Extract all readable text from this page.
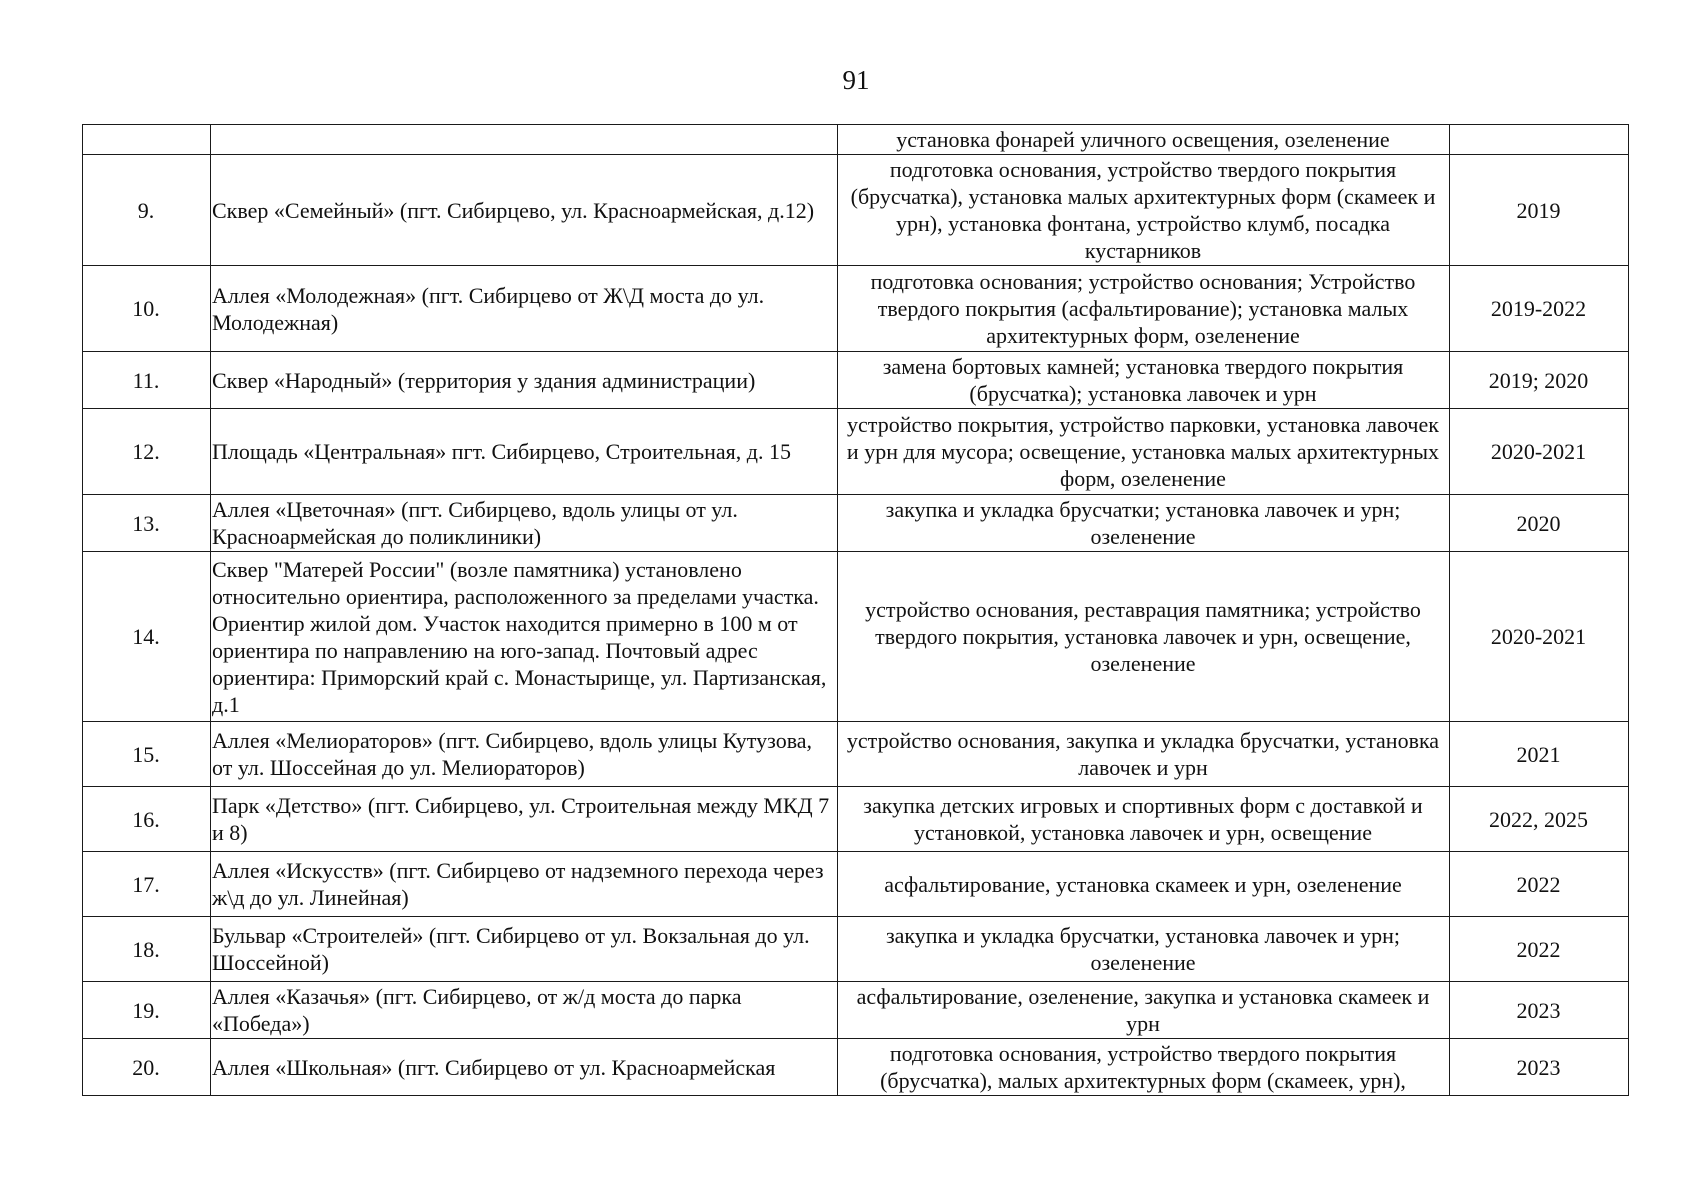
91
		установка фонарей уличного освещения, озеленение	
9.	Сквер «Семейный» (пгт. Сибирцево, ул. Красноармейская, д.12)	подготовка основания, устройство твердого покрытия (брусчатка), установка малых архитектурных форм (скамеек и урн), установка фонтана, устройство клумб, посадка кустарников	2019
10.	Аллея «Молодежная» (пгт. Сибирцево от Ж\Д моста до ул. Молодежная)	подготовка основания; устройство основания; Устройство твердого покрытия (асфальтирование); установка малых архитектурных форм, озеленение	2019-2022
11.	Сквер «Народный» (территория у здания администрации)	замена бортовых камней; установка твердого покрытия (брусчатка); установка лавочек и урн	2019; 2020
12.	Площадь «Центральная» пгт. Сибирцево, Строительная, д. 15	устройство покрытия, устройство парковки, установка лавочек и урн для мусора; освещение, установка малых архитектурных форм, озеленение	2020-2021
13.	Аллея «Цветочная» (пгт. Сибирцево, вдоль улицы от ул. Красноармейская до поликлиники)	закупка и укладка брусчатки; установка лавочек и урн; озеленение	2020
14.	Сквер "Матерей России" (возле памятника) установлено относительно ориентира, расположенного за пределами участка. Ориентир жилой дом. Участок находится примерно в 100 м от ориентира по направлению на юго-запад. Почтовый адрес ориентира: Приморский край с. Монастырище, ул. Партизанская, д.1	устройство основания, реставрация памятника; устройство твердого покрытия, установка лавочек и урн, освещение, озеленение	2020-2021
15.	Аллея «Мелиораторов» (пгт. Сибирцево, вдоль улицы Кутузова, от ул. Шоссейная до ул. Мелиораторов)	устройство основания, закупка и укладка брусчатки, установка лавочек и урн	2021
16.	Парк «Детство» (пгт. Сибирцево, ул. Строительная между МКД 7 и 8)	закупка детских игровых и спортивных форм с доставкой и установкой, установка лавочек и урн, освещение	2022, 2025
17.	Аллея «Искусств» (пгт. Сибирцево от надземного перехода через ж\д до ул. Линейная)	асфальтирование, установка скамеек и урн, озеленение	2022
18.	Бульвар «Строителей» (пгт. Сибирцево от ул. Вокзальная до ул. Шоссейной)	закупка и укладка брусчатки, установка лавочек и урн; озеленение	2022
19.	Аллея «Казачья» (пгт. Сибирцево, от ж/д моста до парка «Победа»)	асфальтирование, озеленение, закупка и установка скамеек и урн	2023
20.	Аллея «Школьная» (пгт. Сибирцево от ул. Красноармейская	подготовка основания, устройство твердого покрытия (брусчатка), малых архитектурных форм (скамеек, урн),	2023
